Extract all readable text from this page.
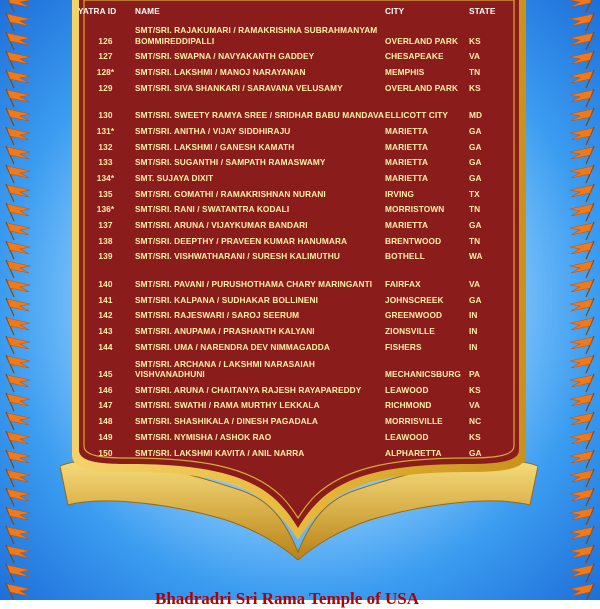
YATRA ID	NAME	CITY	STATE
126	SMT/SRI. RAJAKUMARI / RAMAKRISHNA SUBRAHMANYAM BOMMIREDDIPALLI	OVERLAND PARK	KS
127	SMT/SRI. SWAPNA / NAVYAKANTH GADDEY	CHESAPEAKE	VA
128*	SMT/SRI. LAKSHMI / MANOJ NARAYANAN	MEMPHIS	TN
129	SMT/SRI. SIVA SHANKARI / SARAVANA VELUSAMY	OVERLAND PARK	KS
130	SMT/SRI. SWEETY RAMYA SREE / SRIDHAR BABU MANDAVA	ELLICOTT CITY	MD
131*	SMT/SRI. ANITHA / VIJAY SIDDHIRAJU	MARIETTA	GA
132	SMT/SRI. LAKSHMI / GANESH KAMATH	MARIETTA	GA
133	SMT/SRI. SUGANTHI / SAMPATH RAMASWAMY	MARIETTA	GA
134*	SMT. SUJAYA DIXIT	MARIETTA	GA
135	SMT/SRI. GOMATHI / RAMAKRISHNAN NURANI	IRVING	TX
136*	SMT/SRI. RANI / SWATANTRA KODALI	MORRISTOWN	TN
137	SMT/SRI. ARUNA / VIJAYKUMAR BANDARI	MARIETTA	GA
138	SMT/SRI. DEEPTHY / PRAVEEN KUMAR HANUMARA	BRENTWOOD	TN
139	SMT/SRI. VISHWATHARANI / SURESH KALIMUTHU	BOTHELL	WA
140	SMT/SRI. PAVANI / PURUSHOTHAMA CHARY MARINGANTI	FAIRFAX	VA
141	SMT/SRI. KALPANA / SUDHAKAR BOLLINENI	JOHNSCREEK	GA
142	SMT/SRI. RAJESWARI / SAROJ SEERUM	GREENWOOD	IN
143	SMT/SRI. ANUPAMA / PRASHANTH KALYANI	ZIONSVILLE	IN
144	SMT/SRI. UMA / NARENDRA DEV NIMMAGADDA	FISHERS	IN
145	SMT/SRI. ARCHANA / LAKSHMI NARASAIAH VISHVANADHUNI	MECHANICSBURG	PA
146	SMT/SRI. ARUNA / CHAITANYA RAJESH RAYAPAREDDY	LEAWOOD	KS
147	SMT/SRI. SWATHI / RAMA MURTHY LEKKALA	RICHMOND	VA
148	SMT/SRI. SHASHIKALA / DINESH PAGADALA	MORRISVILLE	NC
149	SMT/SRI. NYMISHA / ASHOK RAO	LEAWOOD	KS
150	SMT/SRI. LAKSHMI KAVITA / ANIL NARRA	ALPHARETTA	GA
Bhadradri Sri Rama Temple of USA
